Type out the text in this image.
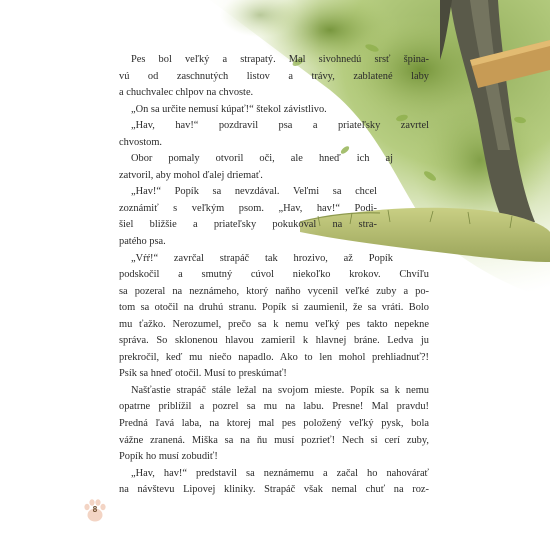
Pes bol veľký a strapatý. Mal sivohnedú srsť špina-
vú od zaschnutých listov a trávy, zablatené laby
a chuchvalec chlpov na chvoste.
„On sa určite nemusí kúpať!“ štekol závistlivo.
„Hav, hav!“ pozdravil psa a priateľsky zavrtel
chvostom.
Obor pomaly otvoril oči, ale hneď ich aj
zatvoril, aby mohol ďalej driemať.
„Hav!“ Popík sa nevzdával. Veľmi sa chcel
zoznámiť s veľkým psom. „Hav, hav!“ Podi-
šiel bližšie a priateľsky pokukoval na stra-
patého psa.
„Vŕŕ!“ zavrčal strapáč tak hrozivo, až Popík
podskočil a smutný cúvol niekoľko krokov. Chvíľu
sa pozeral na neznámeho, ktorý naňho vycenil veľké zuby a po-
tom sa otočil na druhú stranu. Popík si zaumienil, že sa vráti. Bolo
mu ťažko. Nerozumel, prečo sa k nemu veľký pes takto nepekne
správa. So sklonenou hlavou zamieril k hlavnej bráne. Ledva ju
prekročil, keď mu niečo napadlo. Ako to len mohol prehliadnuť?!
Psík sa hneď otočil. Musí to preskúmať!
Našťastie strapáč stále ležal na svojom mieste. Popík sa k nemu
opatrne priblížil a pozrel sa mu na labu. Presne! Mal pravdu!
Predná ľavá laba, na ktorej mal pes položený veľký pysk, bola
vážne zranená. Miška sa na ňu musí pozrieť! Nech si cerí zuby,
Popík ho musí zobudiť!
„Hav, hav!“ predstavil sa neznámemu a začal ho nahovárať
na návštevu Lipovej kliniky. Strapáč však nemal chuť na roz-
8
